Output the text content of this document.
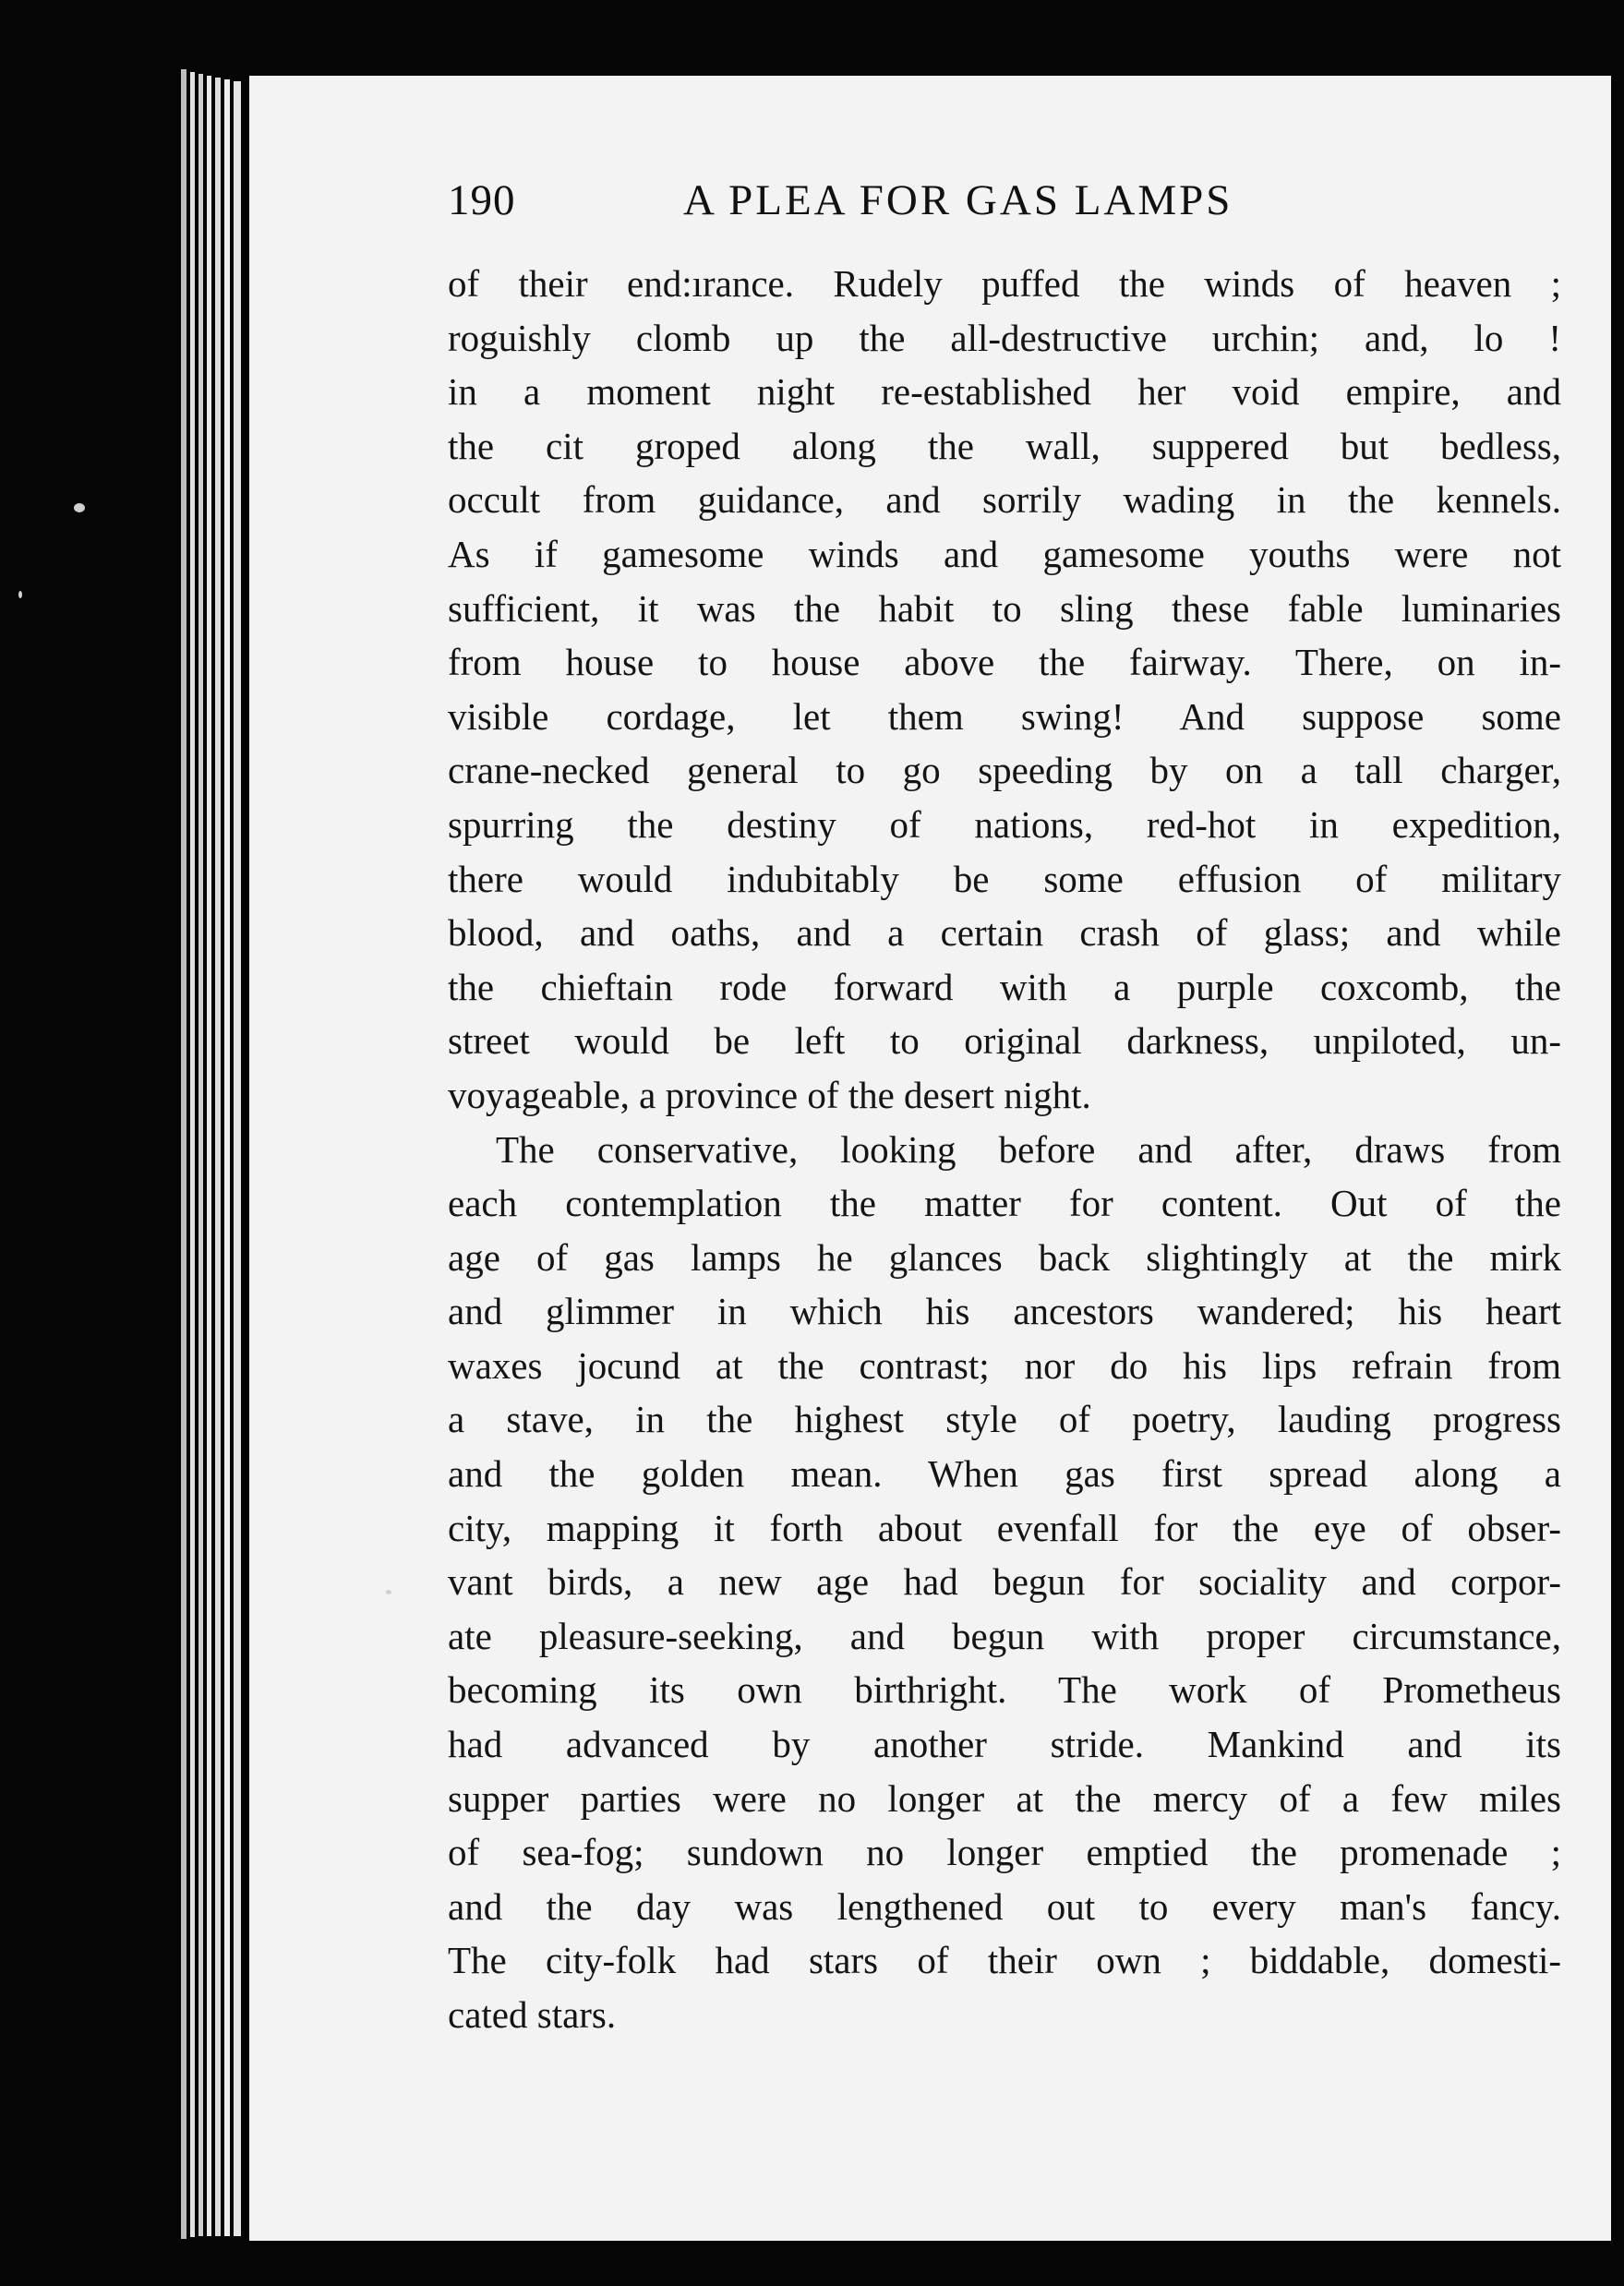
190	A PLEA FOR GAS LAMPS
of their end:ırance. Rudely puffed the winds of heaven ;
roguishly clomb up the all-destructive urchin; and, lo !
in a moment night re-established her void empire, and
the cit groped along the wall, suppered but bedless,
occult from guidance, and sorrily wading in the kennels.
As if gamesome winds and gamesome youths were not
sufficient, it was the habit to sling these fable luminaries
from house to house above the fairway. There, on in-
visible cordage, let them swing! And suppose some
crane-necked general to go speeding by on a tall charger,
spurring the destiny of nations, red-hot in expedition,
there would indubitably be some effusion of military
blood, and oaths, and a certain crash of glass; and while
the chieftain rode forward with a purple coxcomb, the
street would be left to original darkness, unpiloted, un-
voyageable, a province of the desert night.
The conservative, looking before and after, draws from
each contemplation the matter for content. Out of the
age of gas lamps he glances back slightingly at the mirk
and glimmer in which his ancestors wandered; his heart
waxes jocund at the contrast; nor do his lips refrain from
a stave, in the highest style of poetry, lauding progress
and the golden mean. When gas first spread along a
city, mapping it forth about evenfall for the eye of obser-
vant birds, a new age had begun for sociality and corpor-
ate pleasure-seeking, and begun with proper circumstance,
becoming its own birthright. The work of Prometheus
had advanced by another stride. Mankind and its
supper parties were no longer at the mercy of a few miles
of sea-fog; sundown no longer emptied the promenade ;
and the day was lengthened out to every man's fancy.
The city-folk had stars of their own ; biddable, domesti-
cated stars.
